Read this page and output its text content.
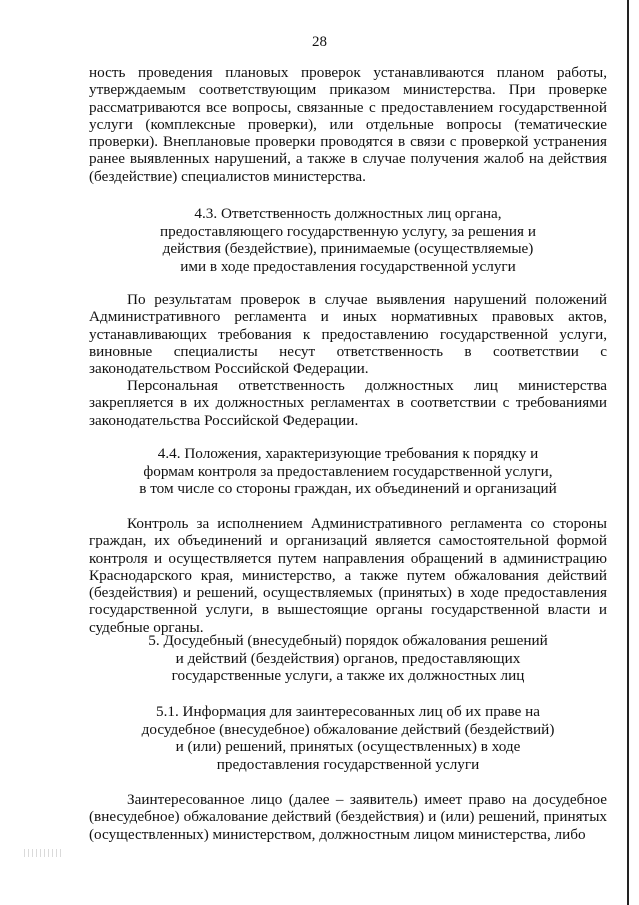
28

ность проведения плановых проверок устанавливаются планом работы, утверждаемым соответствующим приказом министерства. При проверке рассматриваются все вопросы, связанные с предоставлением государственной услуги (комплексные проверки), или отдельные вопросы (тематические проверки). Внеплановые проверки проводятся в связи с проверкой устранения ранее выявленных нарушений, а также в случае получения жалоб на действия (бездействие) специалистов министерства.

4.3. Ответственность должностных лиц органа,
предоставляющего государственную услугу, за решения и
действия (бездействие), принимаемые (осуществляемые)
ими в ходе предоставления государственной услуги

По результатам проверок в случае выявления нарушений положений Административного регламента и иных нормативных правовых актов, устанавливающих требования к предоставлению государственной услуги, виновные специалисты несут ответственность в соответствии с законодательством Российской Федерации.

Персональная ответственность должностных лиц министерства закрепляется в их должностных регламентах в соответствии с требованиями законодательства Российской Федерации.

4.4. Положения, характеризующие требования к порядку и
формам контроля за предоставлением государственной услуги,
в том числе со стороны граждан, их объединений и организаций

Контроль за исполнением Административного регламента со стороны граждан, их объединений и организаций является самостоятельной формой контроля и осуществляется путем направления обращений в администрацию Краснодарского края, министерство, а также путем обжалования действий (бездействия) и решений, осуществляемых (принятых) в ходе предоставления государственной услуги, в вышестоящие органы государственной власти и судебные органы.

5. Досудебный (внесудебный) порядок обжалования решений
и действий (бездействия) органов, предоставляющих
государственные услуги, а также их должностных лиц
5.1. Информация для заинтересованных лиц об их праве на
досудебное (внесудебное) обжалование действий (бездействий)
и (или) решений, принятых (осуществленных) в ходе
предоставления государственной услуги

Заинтересованное лицо (далее – заявитель) имеет право на досудебное (внесудебное) обжалование действий (бездействия) и (или) решений, принятых (осуществленных) министерством, должностным лицом министерства, либо
